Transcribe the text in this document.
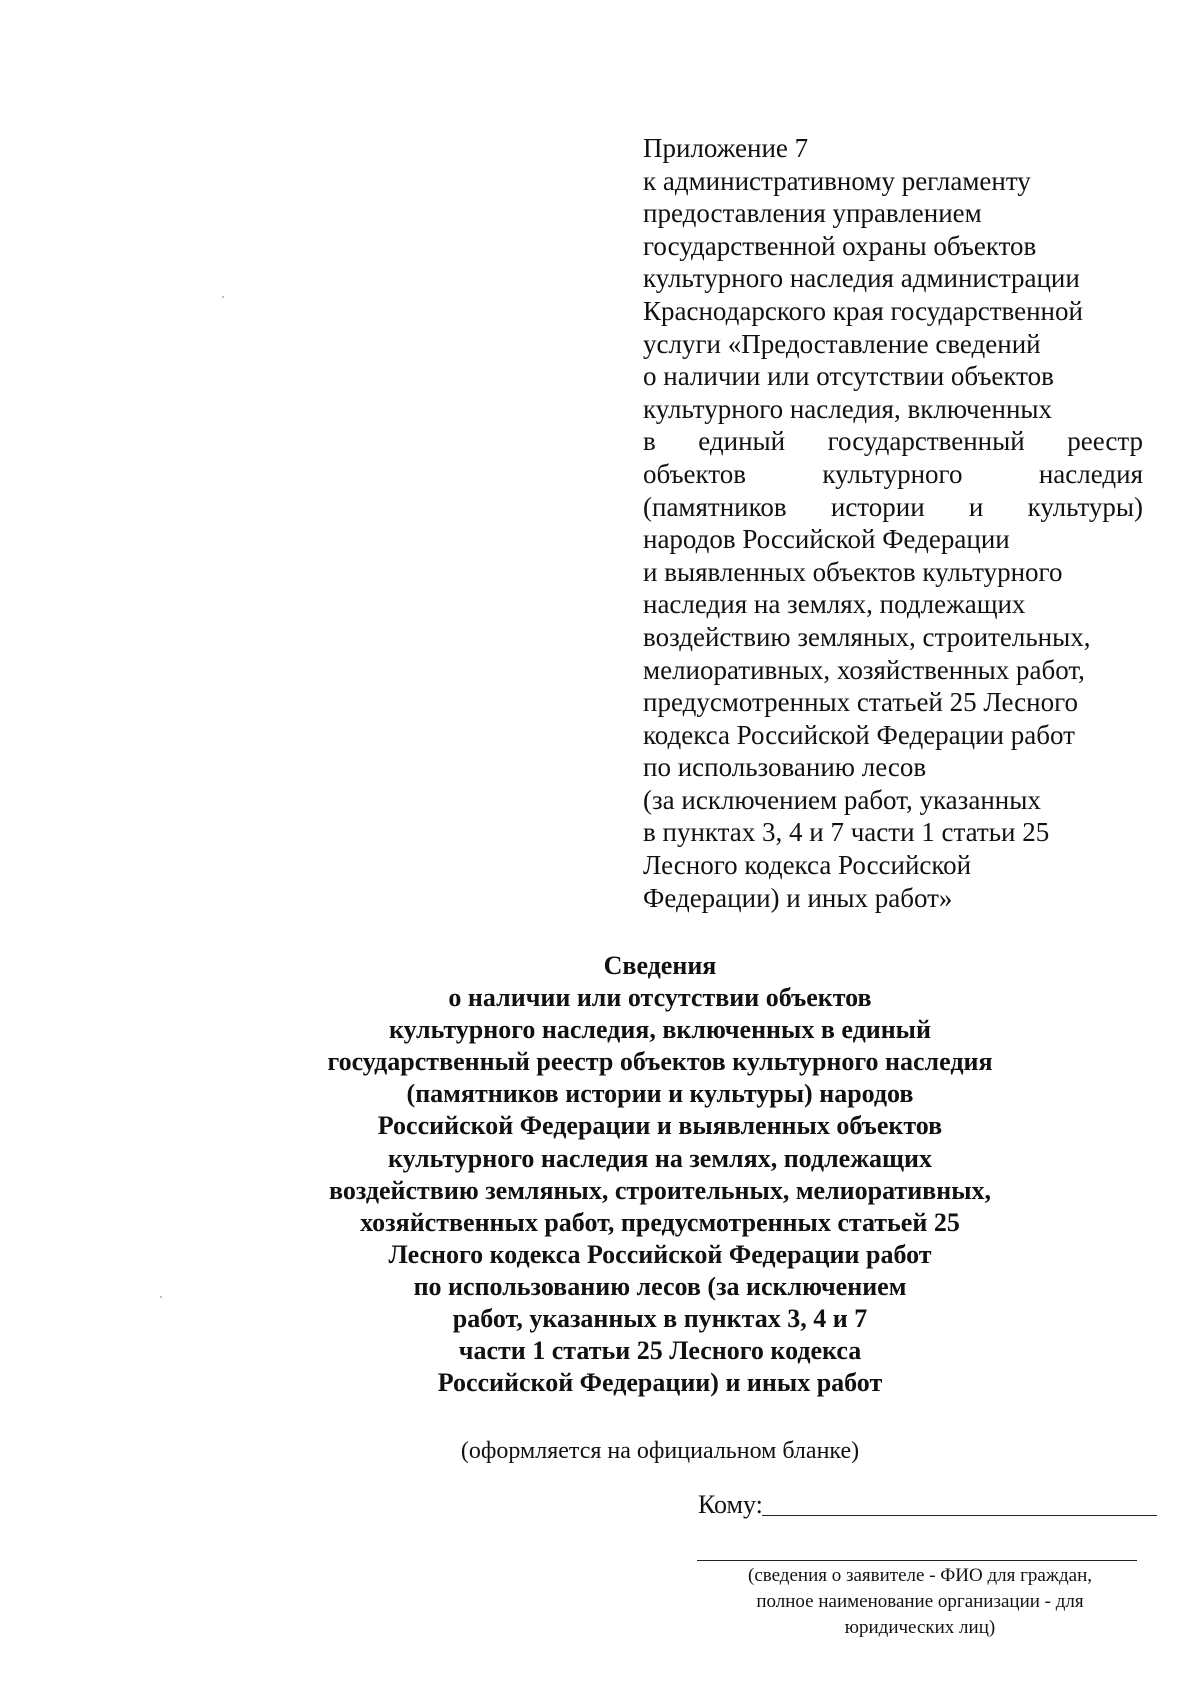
Приложение 7
к административному регламенту
предоставления управлением
государственной охраны объектов
культурного наследия администрации
Краснодарского края государственной
услуги «Предоставление сведений
о наличии или отсутствии объектов
культурного наследия, включенных
в единый государственный реестр
объектов	культурного	наследия
(памятников истории и культуры)
народов Российской Федерации
и выявленных объектов культурного
наследия на землях, подлежащих
воздействию земляных, строительных,
мелиоративных, хозяйственных работ,
предусмотренных статьей 25 Лесного
кодекса Российской Федерации работ
по использованию лесов
(за исключением работ, указанных
в пунктах 3, 4 и 7 части 1 статьи 25
Лесного кодекса Российской
Федерации) и иных работ»
Сведения
о наличии или отсутствии объектов
культурного наследия, включенных в единый
государственный реестр объектов культурного наследия
(памятников истории и культуры) народов
Российской Федерации и выявленных объектов
культурного наследия на землях, подлежащих
воздействию земляных, строительных, мелиоративных,
хозяйственных работ, предусмотренных статьей 25
Лесного кодекса Российской Федерации работ
по использованию лесов (за исключением
работ, указанных в пунктах 3, 4 и 7
части 1 статьи 25 Лесного кодекса
Российской Федерации) и иных работ
(оформляется на официальном бланке)
Кому:
(сведения о заявителе - ФИО для граждан,
полное наименование организации - для
юридических лиц)
